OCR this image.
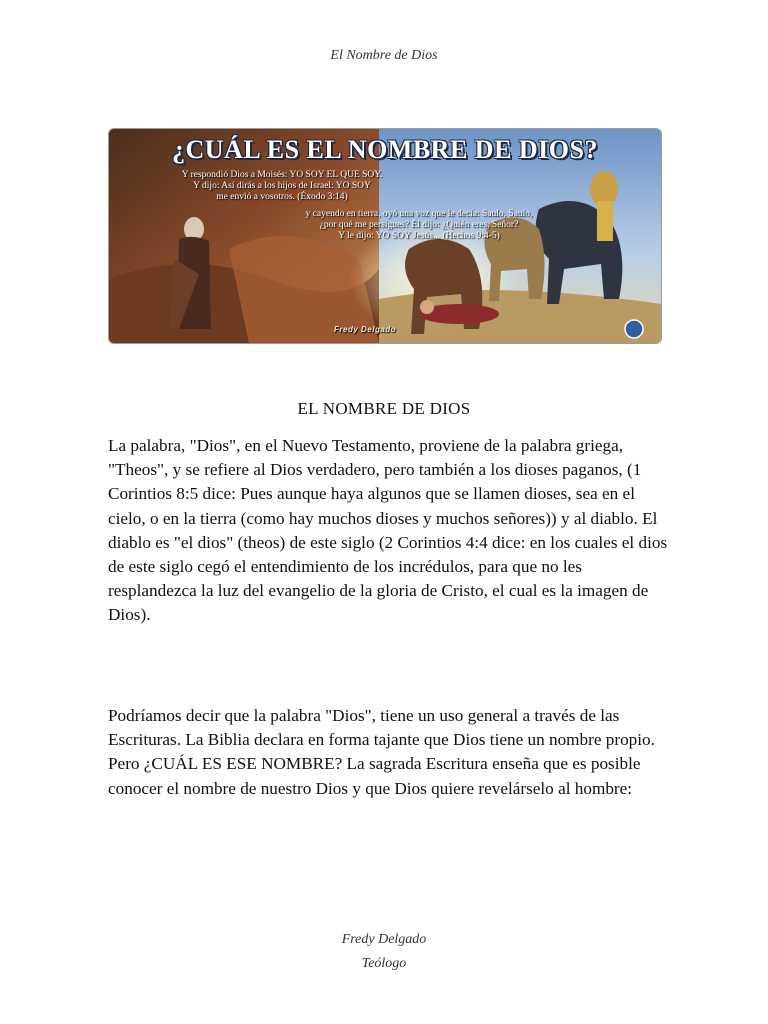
El Nombre de Dios
¿CUÁL ES EL NOMBRE DE DIOS?
Y respondió Dios a Moisés: YO SOY EL QUE SOY.
Y dijo: Así dirás a los hijos de Israel: YO SOY
me envió a vosotros. (Éxodo 3:14)
y cayendo en tierra, oyó una voz que le decía: Saulo, Saulo,
¿por qué me persigues? Él dijo: ¿Quién eres, Señor?
Y le dijo: YO SOY Jesús... (Hechos 9:4-5)
Fredy Delgado
EL NOMBRE DE DIOS

La palabra, "Dios", en el Nuevo Testamento, proviene de la palabra griega, "Theos", y se refiere al Dios verdadero, pero también a los dioses paganos, (1 Corintios 8:5 dice: Pues aunque haya algunos que se llamen dioses, sea en el cielo, o en la tierra (como hay muchos dioses y muchos señores)) y al diablo. El diablo es "el dios" (theos) de este siglo (2 Corintios 4:4 dice: en los cuales el dios de este siglo cegó el entendimiento de los incrédulos, para que no les resplandezca la luz del evangelio de la gloria de Cristo, el cual es la imagen de Dios).

Podríamos decir que la palabra "Dios", tiene un uso general a través de las Escrituras. La Biblia declara en forma tajante que Dios tiene un nombre propio. Pero ¿CUÁL ES ESE NOMBRE? La sagrada Escritura enseña que es posible conocer el nombre de nuestro Dios y que Dios quiere revelárselo al hombre:

Fredy Delgado
Teólogo
